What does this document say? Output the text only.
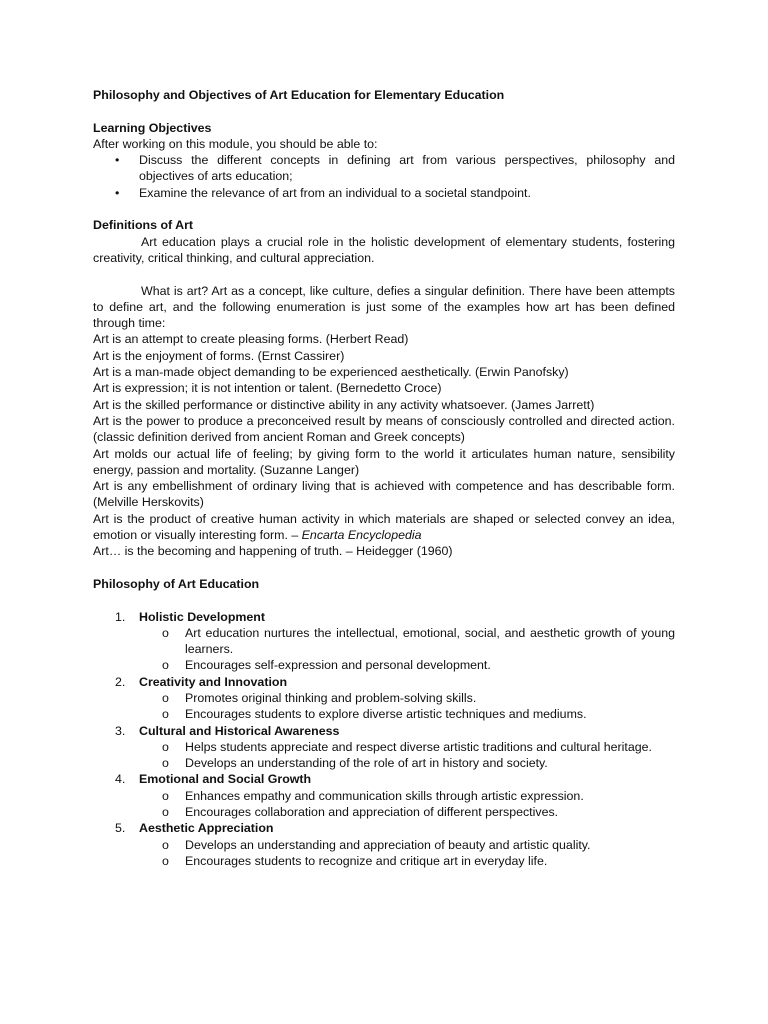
Philosophy and Objectives of Art Education for Elementary Education

Learning Objectives

After working on this module, you should be able to:

• Discuss the different concepts in defining art from various perspectives, philosophy and objectives of arts education;
• Examine the relevance of art from an individual to a societal standpoint.

Definitions of Art

Art education plays a crucial role in the holistic development of elementary students, fostering creativity, critical thinking, and cultural appreciation.

What is art? Art as a concept, like culture, defies a singular definition. There have been attempts to define art, and the following enumeration is just some of the examples how art has been defined through time:

Art is an attempt to create pleasing forms. (Herbert Read)

Art is the enjoyment of forms. (Ernst Cassirer)

Art is a man-made object demanding to be experienced aesthetically. (Erwin Panofsky)

Art is expression; it is not intention or talent. (Bernedetto Croce)

Art is the skilled performance or distinctive ability in any activity whatsoever. (James Jarrett)

Art is the power to produce a preconceived result by means of consciously controlled and directed action. (classic definition derived from ancient Roman and Greek concepts)

Art molds our actual life of feeling; by giving form to the world it articulates human nature, sensibility energy, passion and mortality. (Suzanne Langer)

Art is any embellishment of ordinary living that is achieved with competence and has describable form. (Melville Herskovits)

Art is the product of creative human activity in which materials are shaped or selected convey an idea, emotion or visually interesting form. – Encarta Encyclopedia

Art… is the becoming and happening of truth. – Heidegger (1960)

Philosophy of Art Education

1. Holistic Development
o Art education nurtures the intellectual, emotional, social, and aesthetic growth of young learners.
o Encourages self-expression and personal development.
2. Creativity and Innovation
o Promotes original thinking and problem-solving skills.
o Encourages students to explore diverse artistic techniques and mediums.
3. Cultural and Historical Awareness
o Helps students appreciate and respect diverse artistic traditions and cultural heritage.
o Develops an understanding of the role of art in history and society.
4. Emotional and Social Growth
o Enhances empathy and communication skills through artistic expression.
o Encourages collaboration and appreciation of different perspectives.
5. Aesthetic Appreciation
o Develops an understanding and appreciation of beauty and artistic quality.
o Encourages students to recognize and critique art in everyday life.
